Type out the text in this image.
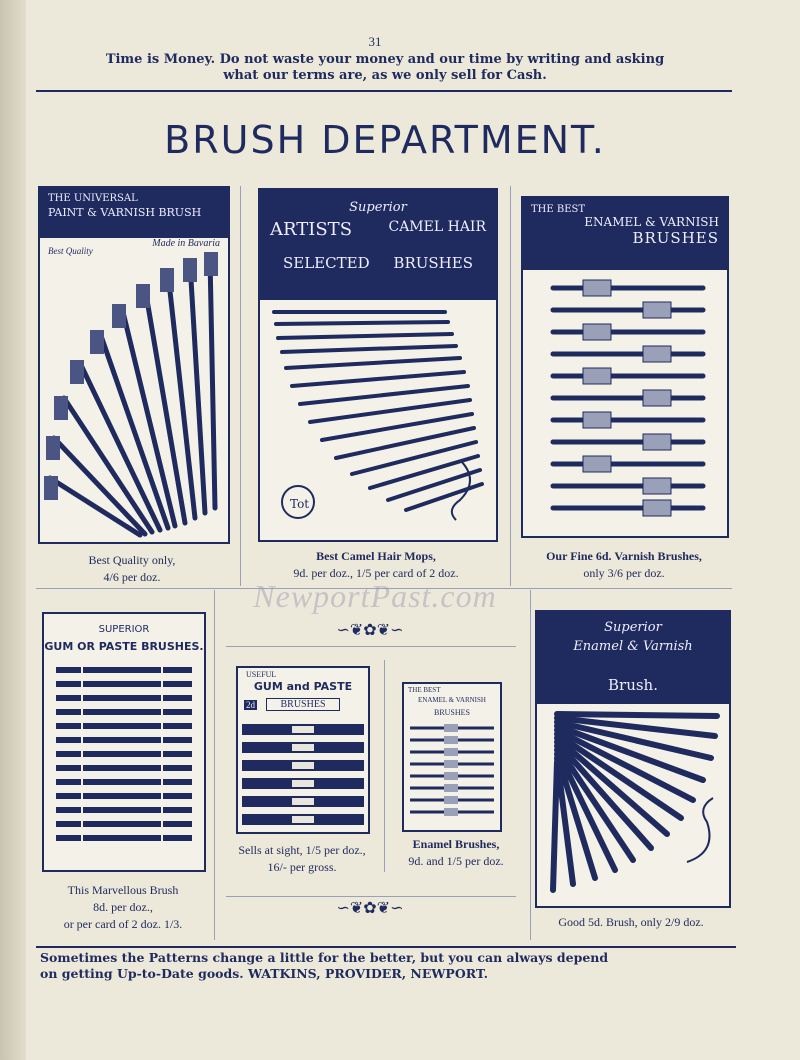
31
Time is Money. Do not waste your money and our time by writing and asking
what our terms are, as we only sell for Cash.
BRUSH DEPARTMENT.
THE UNIVERSAL
PAINT & VARNISH BRUSH
Made in Bavaria
Best Quality
Best Quality only,
4/6 per doz.
Superior
ARTISTS	CAMEL HAIR
SELECTED     BRUSHES
Tot
Best Camel Hair Mops,
9d. per doz., 1/5 per card of 2 doz.
THE BEST
ENAMEL & VARNISH
BRUSHES
Our Fine 6d. Varnish Brushes,
only 3/6 per doz.
NewportPast.com
SUPERIOR
GUM OR PASTE BRUSHES.
This Marvellous Brush
8d. per doz.,
or per card of 2 doz. 1/3.
∽❦✿❦∽
USEFUL
GUM and PASTE
BRUSHES
2d
Sells at sight, 1/5 per doz.,
16/- per gross.
THE BEST
ENAMEL & VARNISH
BRUSHES
Enamel Brushes,
9d. and 1/5 per doz.
∽❦✿❦∽
Superior
Enamel & Varnish
Brush.
Good 5d. Brush, only 2/9 doz.
Sometimes the Patterns change a little for the better, but you can always depend
on getting Up-to-Date goods. WATKINS, PROVIDER, NEWPORT.
